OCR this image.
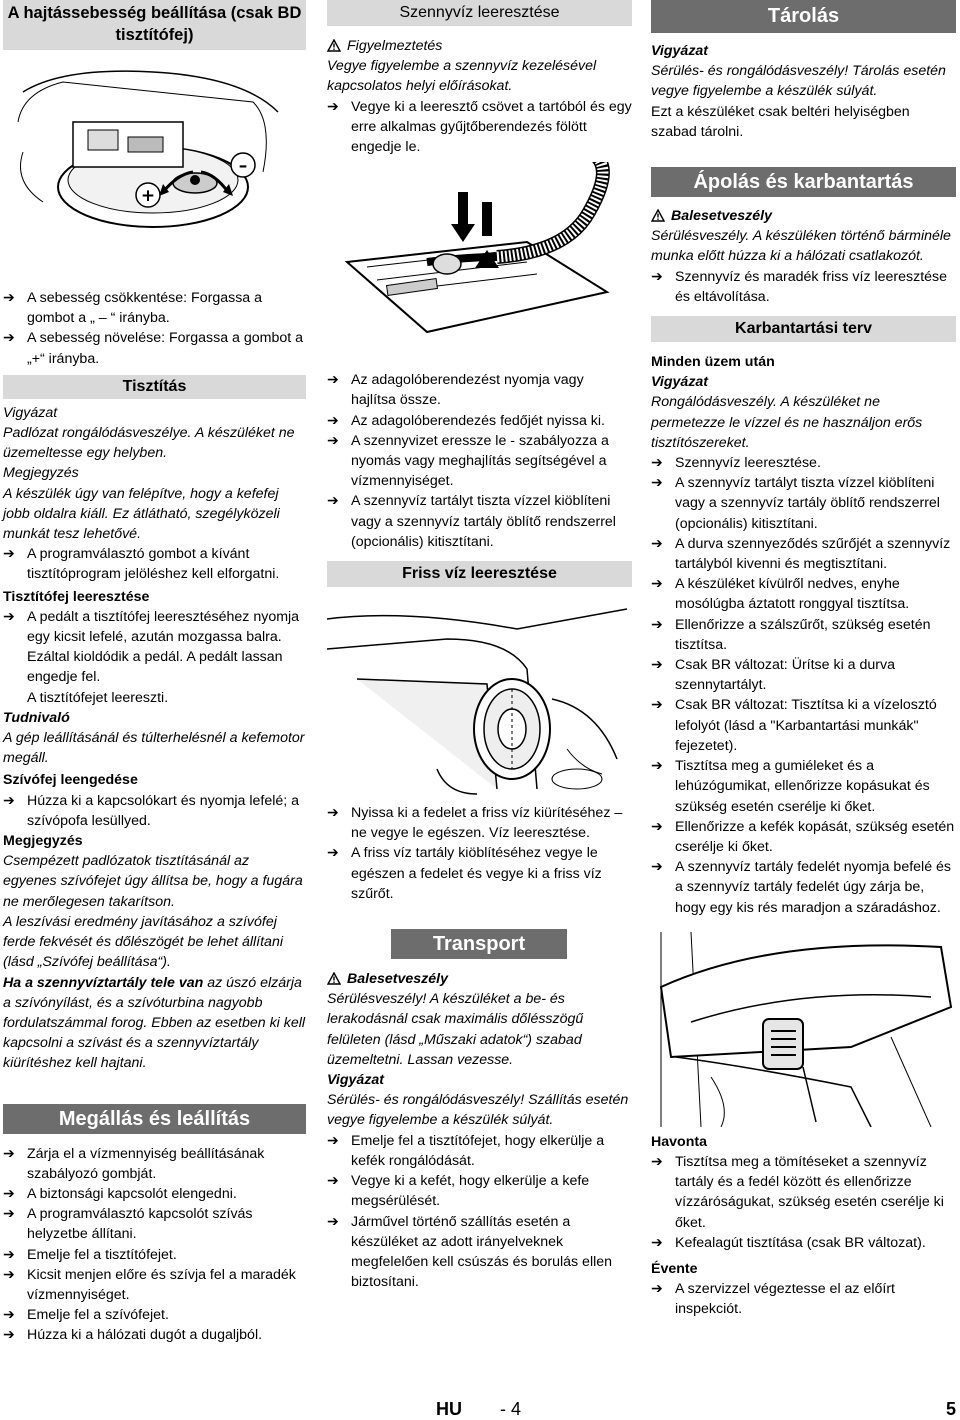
A hajtássebesség beállítása (csak BD tisztítófej)
+
–
➔ A sebesség csökkentése: Forgassa a gombot a „ – “ irányba.
➔ A sebesség növelése: Forgassa a gombot a „+“ irányba.
Tisztítás

Vigyázat

Padlózat rongálódásveszélye. A készüléket ne üzemeltesse egy helyben.

Megjegyzés

A készülék úgy van felépítve, hogy a kefefej jobb oldalra kiáll. Ez átlátható, szegélyközeli munkát tesz lehetővé.

➔ A programválasztó gombot a kívánt tisztítóprogram jelöléshez kell elforgatni.

Tisztítófej leeresztése

➔ A pedált a tisztítófej leeresztéséhez nyomja egy kicsit lefelé, azután mozgassa balra. Ezáltal kioldódik a pedál. A pedált lassan engedje fel.

A tisztítófejet leereszti.

Tudnivaló

A gép leállításánál és túlterhelésnél a kefemotor megáll.

Szívófej leengedése

➔ Húzza ki a kapcsolókart és nyomja lefelé; a szívópofa lesüllyed.

Megjegyzés

Csempézett padlózatok tisztításánál az egyenes szívófejet úgy állítsa be, hogy a fugára ne merőlegesen takarítson.

A leszívási eredmény javításához a szívófej ferde fekvését és dőlészögét be lehet állítani (lásd „Szívófej beállítása“).

Ha a szennyvíztartály tele van az úszó elzárja a szívónyílást, és a szívóturbina nagyobb fordulatszámmal forog. Ebben az esetben ki kell kapcsolni a szívást és a szennyvíztartály kiürítéshez kell hajtani.

Megállás és leállítás
➔ Zárja el a vízmennyiség beállításának szabályozó gombját.
➔ A biztonsági kapcsolót elengedni.
➔ A programválasztó kapcsolót szívás helyzetbe állítani.
➔ Emelje fel a tisztítófejet.
➔ Kicsit menjen előre és szívja fel a maradék vízmennyiséget.
➔ Emelje fel a szívófejet.
➔ Húzza ki a hálózati dugót a dugaljból.
Szennyvíz leeresztése

Figyelmeztetés

Vegye figyelembe a szennyvíz kezelésével kapcsolatos helyi előírásokat.

➔ Vegye ki a leeresztő csövet a tartóból és egy erre alkalmas gyűjtőberendezés fölött engedje le.
➔ Az adagolóberendezést nyomja vagy hajlítsa össze.
➔ Az adagolóberendezés fedőjét nyissa ki.
➔ A szennyvizet eressze le - szabályozza a nyomás vagy meghajlítás segítségével a vízmennyiséget.
➔ A szennyvíz tartályt tiszta vízzel kiöblíteni vagy a szennyvíz tartály öblítő rendszerrel (opcionális) kitisztítani.
Friss víz leeresztése
➔ Nyissa ki a fedelet a friss víz kiürítéséhez – ne vegye le egészen. Víz leeresztése.
➔ A friss víz tartály kiöblítéséhez vegye le egészen a fedelet és vegye ki a friss víz szűrőt.
Transport

Balesetveszély

Sérülésveszély! A készüléket a be- és lerakodásnál csak maximális dőlésszögű felületen (lásd „Műszaki adatok“) szabad üzemeltetni. Lassan vezesse.

Vigyázat

Sérülés- és rongálódásveszély! Szállítás esetén vegye figyelembe a készülék súlyát.

➔ Emelje fel a tisztítófejet, hogy elkerülje a kefék rongálódását.
➔ Vegye ki a kefét, hogy elkerülje a kefe megsérülését.
➔ Járművel történő szállítás esetén a készüléket az adott irányelveknek megfelelően kell csúszás és borulás ellen biztosítani.
Tárolás

Vigyázat

Sérülés- és rongálódásveszély! Tárolás esetén vegye figyelembe a készülék súlyát.

Ezt a készüléket csak beltéri helyiségben szabad tárolni.

Ápolás és karbantartás

Balesetveszély

Sérülésveszély. A készüléken történő bárminéle munka előtt húzza ki a hálózati csatlakozót.

➔ Szennyvíz és maradék friss víz leeresztése és eltávolítása.
Karbantartási terv

Minden üzem után

Vigyázat

Rongálódásveszély. A készüléket ne permetezze le vízzel és ne használjon erős tisztítószereket.

➔ Szennyvíz leeresztése.
➔ A szennyvíz tartályt tiszta vízzel kiöblíteni vagy a szennyvíz tartály öblítő rendszerrel (opcionális) kitisztítani.
➔ A durva szennyeződés szűrőjét a szennyvíz tartályból kivenni és megtisztítani.
➔ A készüléket kívülről nedves, enyhe mosólúgba áztatott ronggyal tisztítsa.
➔ Ellenőrizze a szálszűrőt, szükség esetén tisztítsa.
➔ Csak BR változat: Ürítse ki a durva szennytartályt.
➔ Csak BR változat: Tisztítsa ki a vízelosztó lefolyót (lásd a "Karbantartási munkák" fejezetet).
➔ Tisztítsa meg a gumiéleket és a lehúzógumikat, ellenőrizze kopásukat és szükség esetén cserélje ki őket.
➔ Ellenőrizze a kefék kopását, szükség esetén cserélje ki őket.
➔ A szennyvíz tartály fedelét nyomja befelé és a szennyvíz tartály fedelét úgy zárja be, hogy egy kis rés maradjon a száradáshoz.

Havonta

➔ Tisztítsa meg a tömítéseket a szennyvíz tartály és a fedél között és ellenőrizze vízzáróságukat, szükség esetén cserélje ki őket.
➔ Kefealagút tisztítása (csak BR változat).

Évente

➔ A szervizzel végeztesse el az előírt inspekciót.
HU - 4	5
